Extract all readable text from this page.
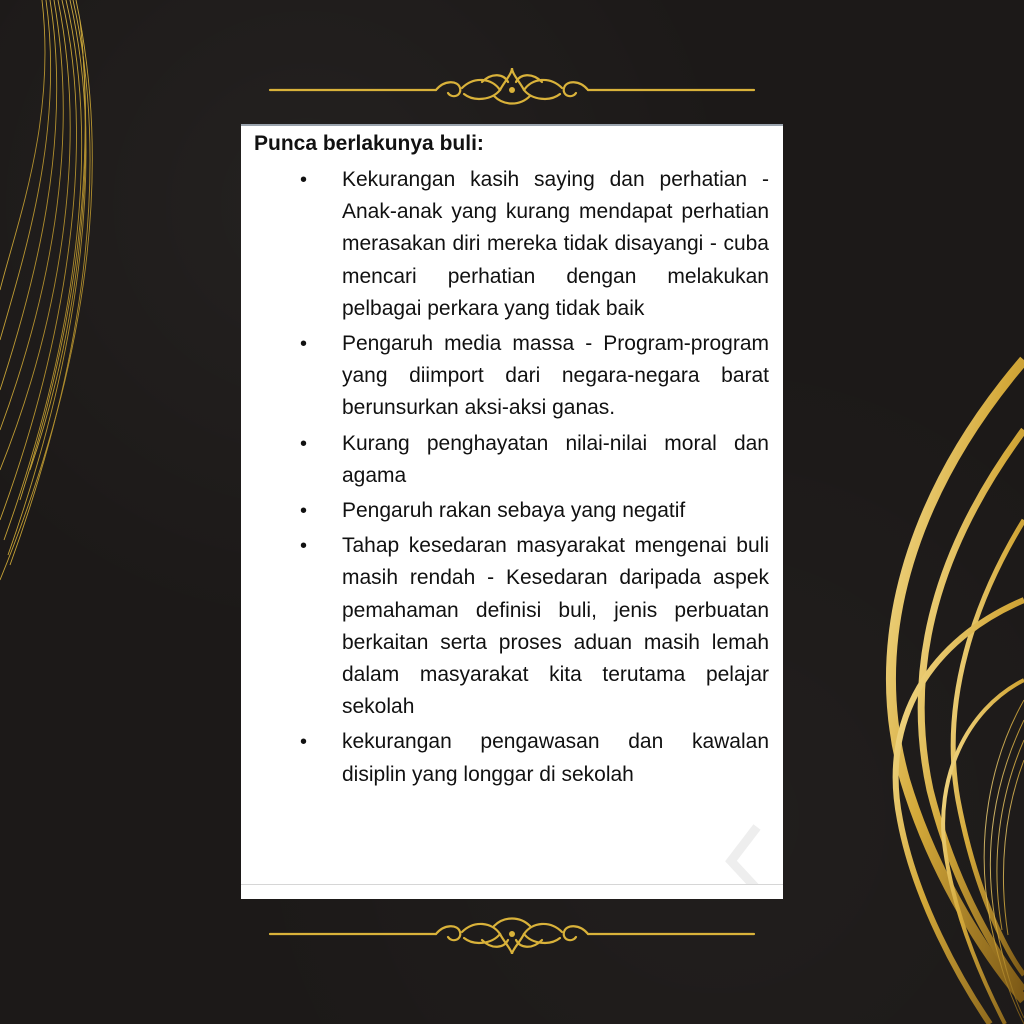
Punca berlakunya buli:
• Kekurangan kasih saying dan perhatian - Anak-anak yang kurang mendapat perhatian merasakan diri mereka tidak disayangi - cuba mencari perhatian dengan melakukan pelbagai perkara yang tidak baik
• Pengaruh media massa - Program-program yang diimport dari negara-negara barat berunsurkan aksi-aksi ganas.
• Kurang penghayatan nilai-nilai moral dan agama
• Pengaruh rakan sebaya yang negatif
• Tahap kesedaran masyarakat mengenai buli masih rendah - Kesedaran daripada aspek pemahaman definisi buli, jenis perbuatan berkaitan serta proses aduan masih lemah dalam masyarakat kita terutama pelajar sekolah
• kekurangan pengawasan dan kawalan disiplin yang longgar di sekolah
